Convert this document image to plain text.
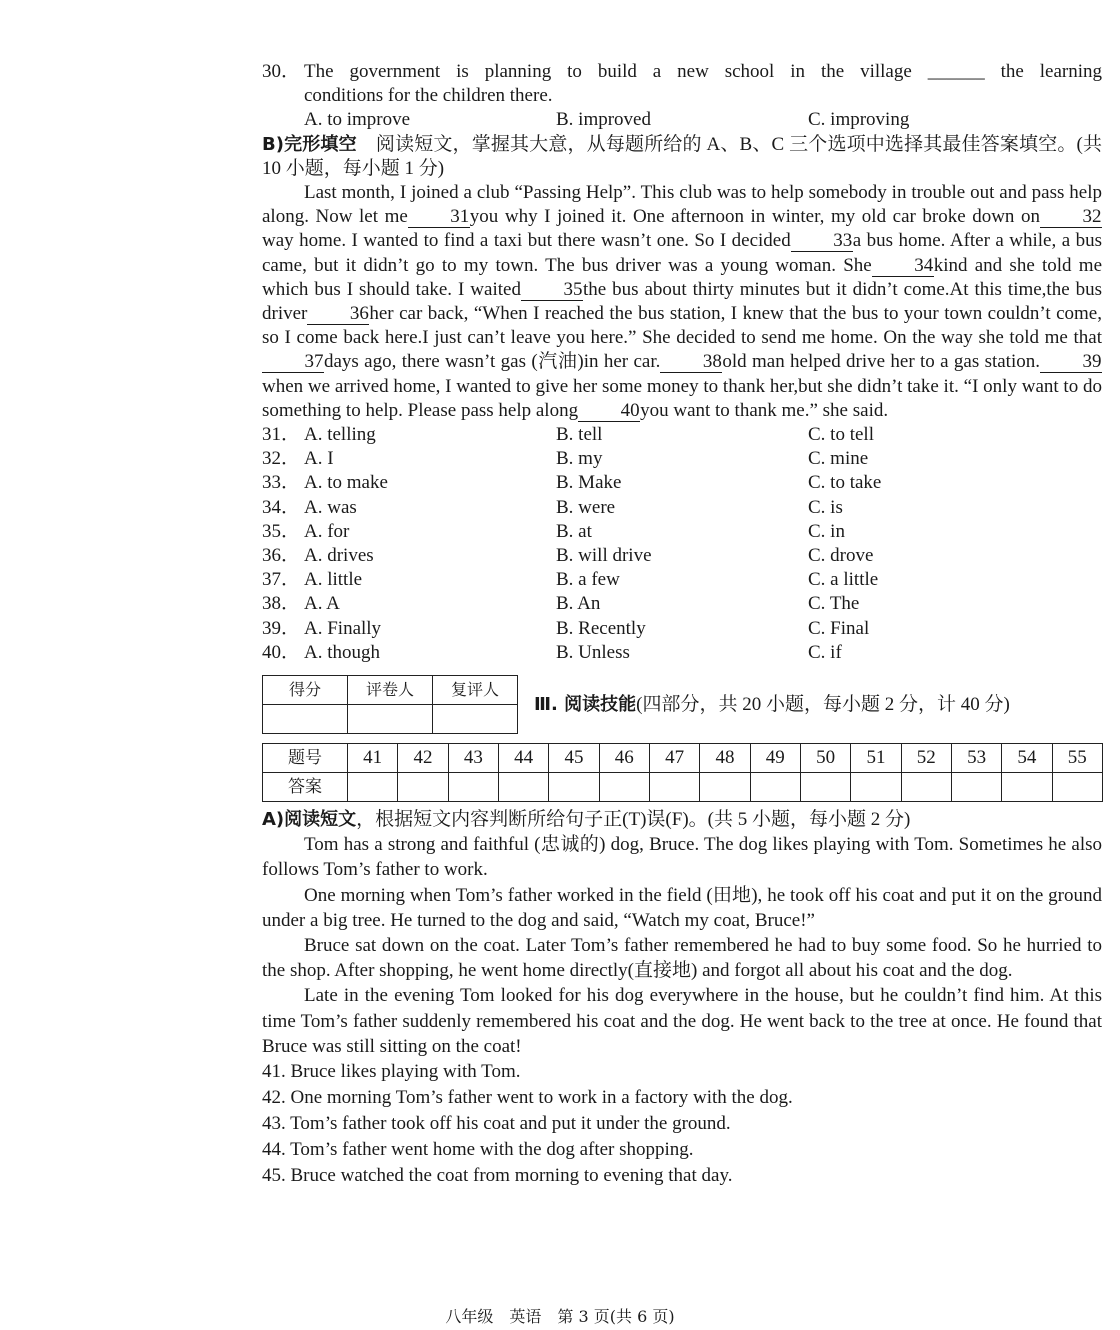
30． The government is planning to build a new school in the village ______ the learning
conditions for the children there.
A. to improve	B. improved	C. improving
B)完形填空　阅读短文，掌握其大意，从每题所给的 A、B、C 三个选项中选择其最佳答案填空。(共 10 小题，每小题 1 分)
Last month, I joined a club “Passing Help”. This club was to help somebody in trouble out and pass help along. Now let me 31you why I joined it. One afternoon in winter, my old car broke down on 32way home. I wanted to find a taxi but there wasn’t one. So I decided 33a bus home. After a while, a bus came, but it didn’t go to my town. The bus driver was a young woman. She 34kind and she told me which bus I should take. I waited 35the bus about thirty minutes but it didn’t come.At this time,the bus driver 36her car back, “When I reached the bus station, I knew that the bus to your town couldn’t come, so I come back here.I just can’t leave you here.” She decided to send me home. On the way she told me that37days ago, there wasn’t gas (汽油)in her car. 38old man helped drive her to a gas station. 39when we arrived home, I wanted to give her some money to thank her,but she didn’t take it. “I only want to do something to help. Please pass help along 40you want to thank me.” she said.
31． A. telling	B. tell	C. to tell
32． A. I	B. my	C. mine
33． A. to make	B. Make	C. to take
34． A. was	B. were	C. is
35． A. for	B. at	C. in
36． A. drives	B. will drive	C. drove
37． A. little	B. a few	C. a little
38． A. A	B. An	C. The
39． A. Finally	B. Recently	C. Final
40． A. though	B. Unless	C. if
得分	评卷人	复评人

Ⅲ. 阅读技能(四部分，共 20 小题，每小题 2 分，计 40 分)
题号	41	42	43	44	45	46	47	48	49	50	51	52	53	54	55
答案															
A)阅读短文，根据短文内容判断所给句子正(T)误(F)。(共 5 小题，每小题 2 分)
Tom has a strong and faithful (忠诚的) dog, Bruce. The dog likes playing with Tom. Sometimes he also follows Tom’s father to work.
One morning when Tom’s father worked in the field (田地), he took off his coat and put it on the ground under a big tree. He turned to the dog and said, “Watch my coat, Bruce!”
Bruce sat down on the coat. Later Tom’s father remembered he had to buy some food. So he hurried to the shop. After shopping, he went home directly(直接地) and forgot all about his coat and the dog.
Late in the evening Tom looked for his dog everywhere in the house, but he couldn’t find him. At this time Tom’s father suddenly remembered his coat and the dog. He went back to the tree at once. He found that Bruce was still sitting on the coat!
41. Bruce likes playing with Tom.
42. One morning Tom’s father went to work in a factory with the dog.
43. Tom’s father took off his coat and put it under the ground.
44. Tom’s father went home with the dog after shopping.
45. Bruce watched the coat from morning to evening that day.
八年级　英语　第 3 页(共 6 页)
